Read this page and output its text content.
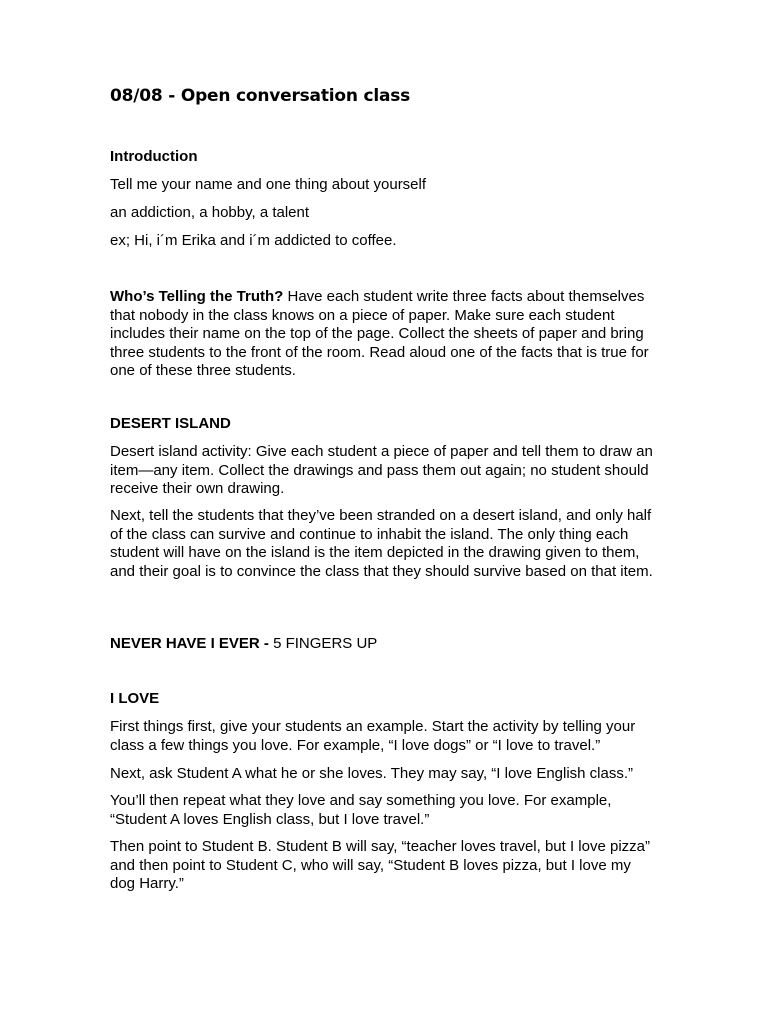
08/08 - Open conversation class

Introduction

Tell me your name and one thing about yourself

an addiction, a hobby, a talent

ex; Hi, i´m Erika and i´m addicted to coffee.

Who’s Telling the Truth? Have each student write three facts about themselves that nobody in the class knows on a piece of paper. Make sure each student includes their name on the top of the page. Collect the sheets of paper and bring three students to the front of the room. Read aloud one of the facts that is true for one of these three students.

DESERT ISLAND

Desert island activity: Give each student a piece of paper and tell them to draw an item—any item. Collect the drawings and pass them out again; no student should receive their own drawing.

Next, tell the students that they’ve been stranded on a desert island, and only half of the class can survive and continue to inhabit the island. The only thing each student will have on the island is the item depicted in the drawing given to them, and their goal is to convince the class that they should survive based on that item.

NEVER HAVE I EVER - 5 FINGERS UP

I LOVE

First things first, give your students an example. Start the activity by telling your class a few things you love. For example, “I love dogs” or “I love to travel.”

Next, ask Student A what he or she loves. They may say, “I love English class.”

You’ll then repeat what they love and say something you love. For example, “Student A loves English class, but I love travel.”

Then point to Student B. Student B will say, “teacher loves travel, but I love pizza” and then point to Student C, who will say, “Student B loves pizza, but I love my dog Harry.”
